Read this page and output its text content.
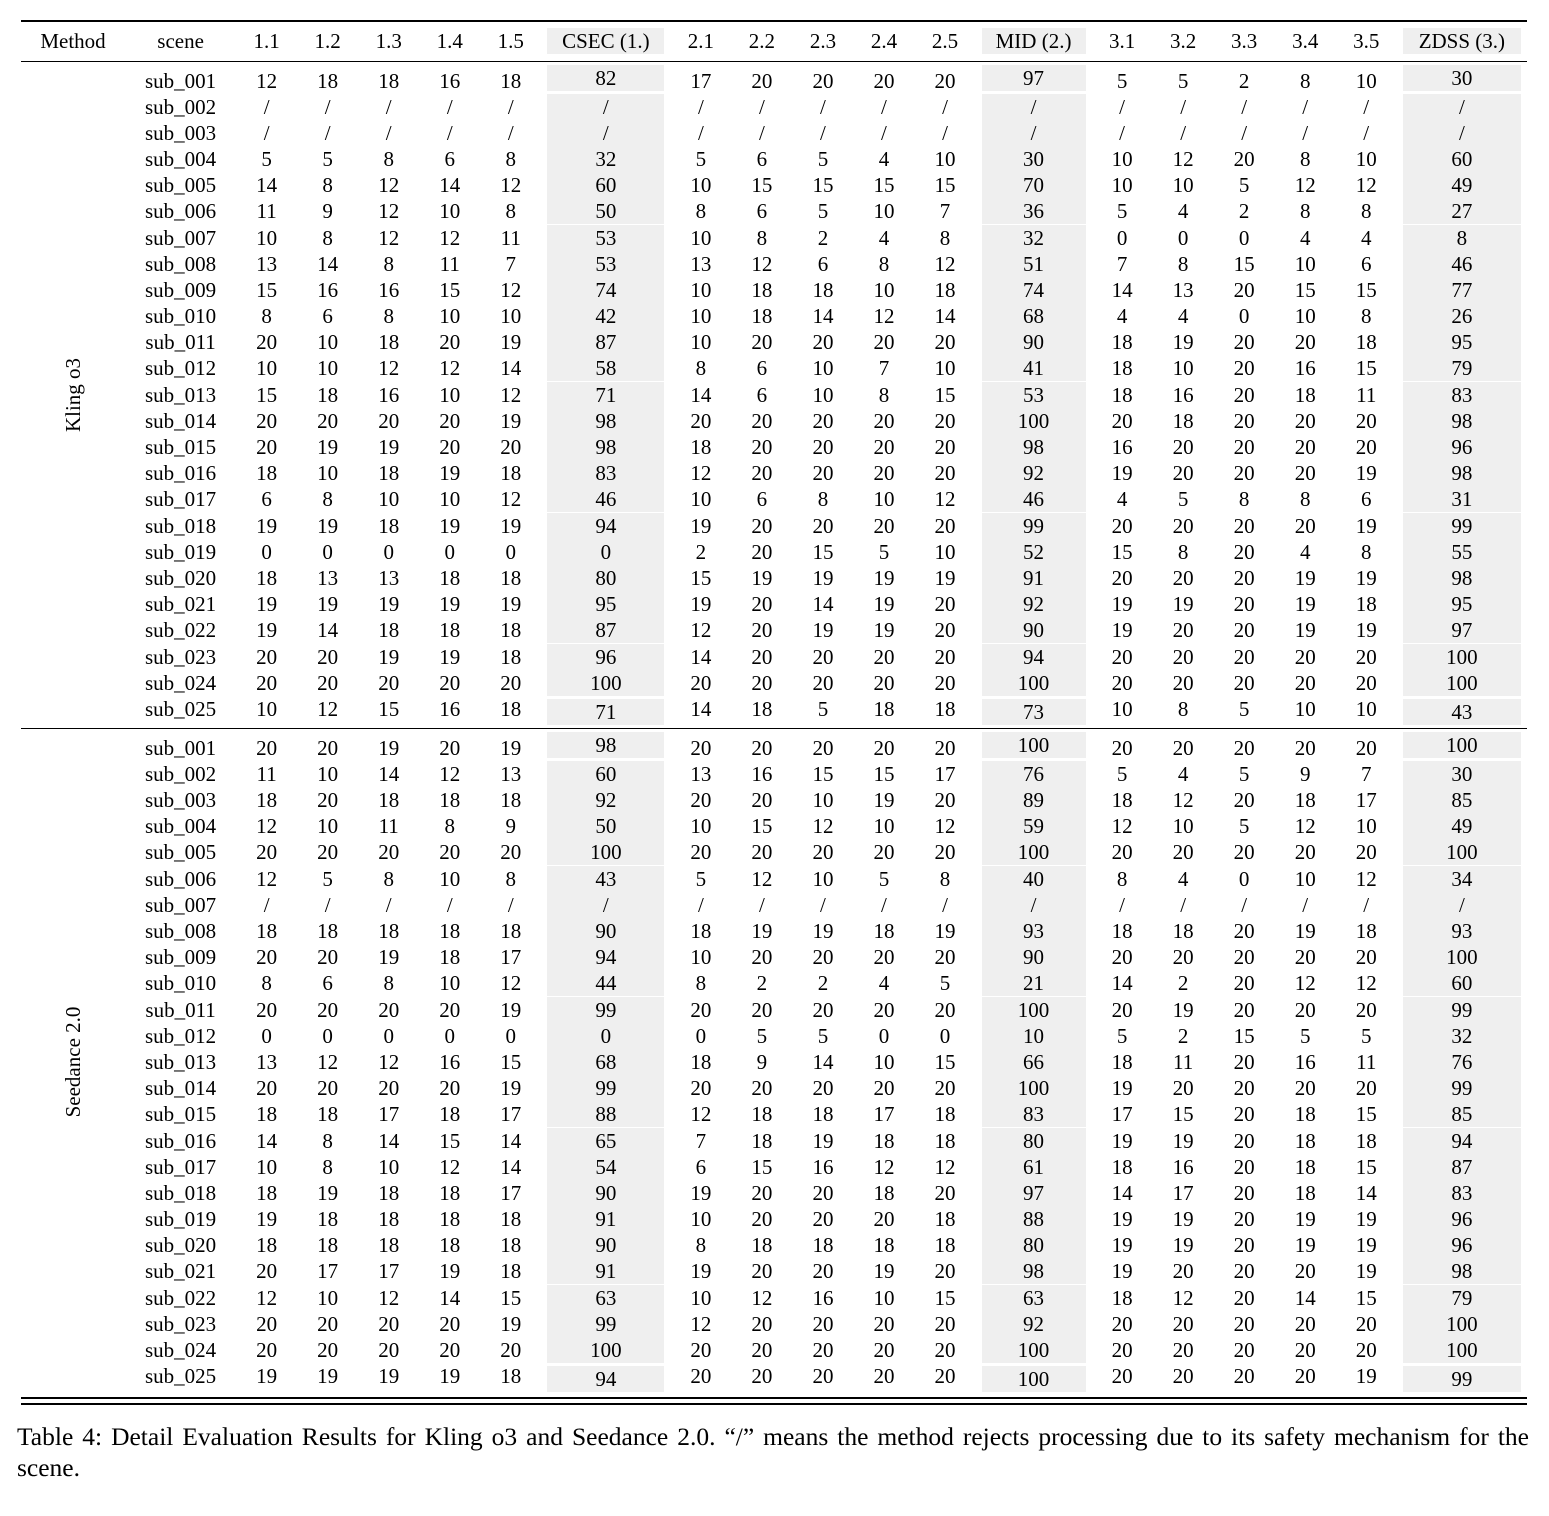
Method	scene	1.1	1.2	1.3	1.4	1.5	CSEC (1.)	2.1	2.2	2.3	2.4	2.5	MID (2.)	3.1	3.2	3.3	3.4	3.5	ZDSS (3.)

Kling o3	sub_001	12	18	18	16	18	82	17	20	20	20	20	97	5	5	2	8	10	30

	sub_002	/	/	/	/	/	/	/	/	/	/	/	/	/	/	/	/	/	/

	sub_003	/	/	/	/	/	/	/	/	/	/	/	/	/	/	/	/	/	/

	sub_004	5	5	8	6	8	32	5	6	5	4	10	30	10	12	20	8	10	60

	sub_005	14	8	12	14	12	60	10	15	15	15	15	70	10	10	5	12	12	49

	sub_006	11	9	12	10	8	50	8	6	5	10	7	36	5	4	2	8	8	27

	sub_007	10	8	12	12	11	53	10	8	2	4	8	32	0	0	0	4	4	8

	sub_008	13	14	8	11	7	53	13	12	6	8	12	51	7	8	15	10	6	46

	sub_009	15	16	16	15	12	74	10	18	18	10	18	74	14	13	20	15	15	77

	sub_010	8	6	8	10	10	42	10	18	14	12	14	68	4	4	0	10	8	26

	sub_011	20	10	18	20	19	87	10	20	20	20	20	90	18	19	20	20	18	95

	sub_012	10	10	12	12	14	58	8	6	10	7	10	41	18	10	20	16	15	79

	sub_013	15	18	16	10	12	71	14	6	10	8	15	53	18	16	20	18	11	83

	sub_014	20	20	20	20	19	98	20	20	20	20	20	100	20	18	20	20	20	98

	sub_015	20	19	19	20	20	98	18	20	20	20	20	98	16	20	20	20	20	96

	sub_016	18	10	18	19	18	83	12	20	20	20	20	92	19	20	20	20	19	98

	sub_017	6	8	10	10	12	46	10	6	8	10	12	46	4	5	8	8	6	31

	sub_018	19	19	18	19	19	94	19	20	20	20	20	99	20	20	20	20	19	99

	sub_019	0	0	0	0	0	0	2	20	15	5	10	52	15	8	20	4	8	55

	sub_020	18	13	13	18	18	80	15	19	19	19	19	91	20	20	20	19	19	98

	sub_021	19	19	19	19	19	95	19	20	14	19	20	92	19	19	20	19	18	95

	sub_022	19	14	18	18	18	87	12	20	19	19	20	90	19	20	20	19	19	97

	sub_023	20	20	19	19	18	96	14	20	20	20	20	94	20	20	20	20	20	100

	sub_024	20	20	20	20	20	100	20	20	20	20	20	100	20	20	20	20	20	100

	sub_025	10	12	15	16	18	71	14	18	5	18	18	73	10	8	5	10	10	43

Seedance 2.0	sub_001	20	20	19	20	19	98	20	20	20	20	20	100	20	20	20	20	20	100

	sub_002	11	10	14	12	13	60	13	16	15	15	17	76	5	4	5	9	7	30

	sub_003	18	20	18	18	18	92	20	20	10	19	20	89	18	12	20	18	17	85

	sub_004	12	10	11	8	9	50	10	15	12	10	12	59	12	10	5	12	10	49

	sub_005	20	20	20	20	20	100	20	20	20	20	20	100	20	20	20	20	20	100

	sub_006	12	5	8	10	8	43	5	12	10	5	8	40	8	4	0	10	12	34

	sub_007	/	/	/	/	/	/	/	/	/	/	/	/	/	/	/	/	/	/

	sub_008	18	18	18	18	18	90	18	19	19	18	19	93	18	18	20	19	18	93

	sub_009	20	20	19	18	17	94	10	20	20	20	20	90	20	20	20	20	20	100

	sub_010	8	6	8	10	12	44	8	2	2	4	5	21	14	2	20	12	12	60

	sub_011	20	20	20	20	19	99	20	20	20	20	20	100	20	19	20	20	20	99

	sub_012	0	0	0	0	0	0	0	5	5	0	0	10	5	2	15	5	5	32

	sub_013	13	12	12	16	15	68	18	9	14	10	15	66	18	11	20	16	11	76

	sub_014	20	20	20	20	19	99	20	20	20	20	20	100	19	20	20	20	20	99

	sub_015	18	18	17	18	17	88	12	18	18	17	18	83	17	15	20	18	15	85

	sub_016	14	8	14	15	14	65	7	18	19	18	18	80	19	19	20	18	18	94

	sub_017	10	8	10	12	14	54	6	15	16	12	12	61	18	16	20	18	15	87

	sub_018	18	19	18	18	17	90	19	20	20	18	20	97	14	17	20	18	14	83

	sub_019	19	18	18	18	18	91	10	20	20	20	18	88	19	19	20	19	19	96

	sub_020	18	18	18	18	18	90	8	18	18	18	18	80	19	19	20	19	19	96

	sub_021	20	17	17	19	18	91	19	20	20	19	20	98	19	20	20	20	19	98

	sub_022	12	10	12	14	15	63	10	12	16	10	15	63	18	12	20	14	15	79

	sub_023	20	20	20	20	19	99	12	20	20	20	20	92	20	20	20	20	20	100

	sub_024	20	20	20	20	20	100	20	20	20	20	20	100	20	20	20	20	20	100

	sub_025	19	19	19	19	18	94	20	20	20	20	20	100	20	20	20	20	19	99
Table 4: Detail Evaluation Results for Kling o3 and Seedance 2.0. “/” means the method rejects processing due to its safety mechanism for the scene.
